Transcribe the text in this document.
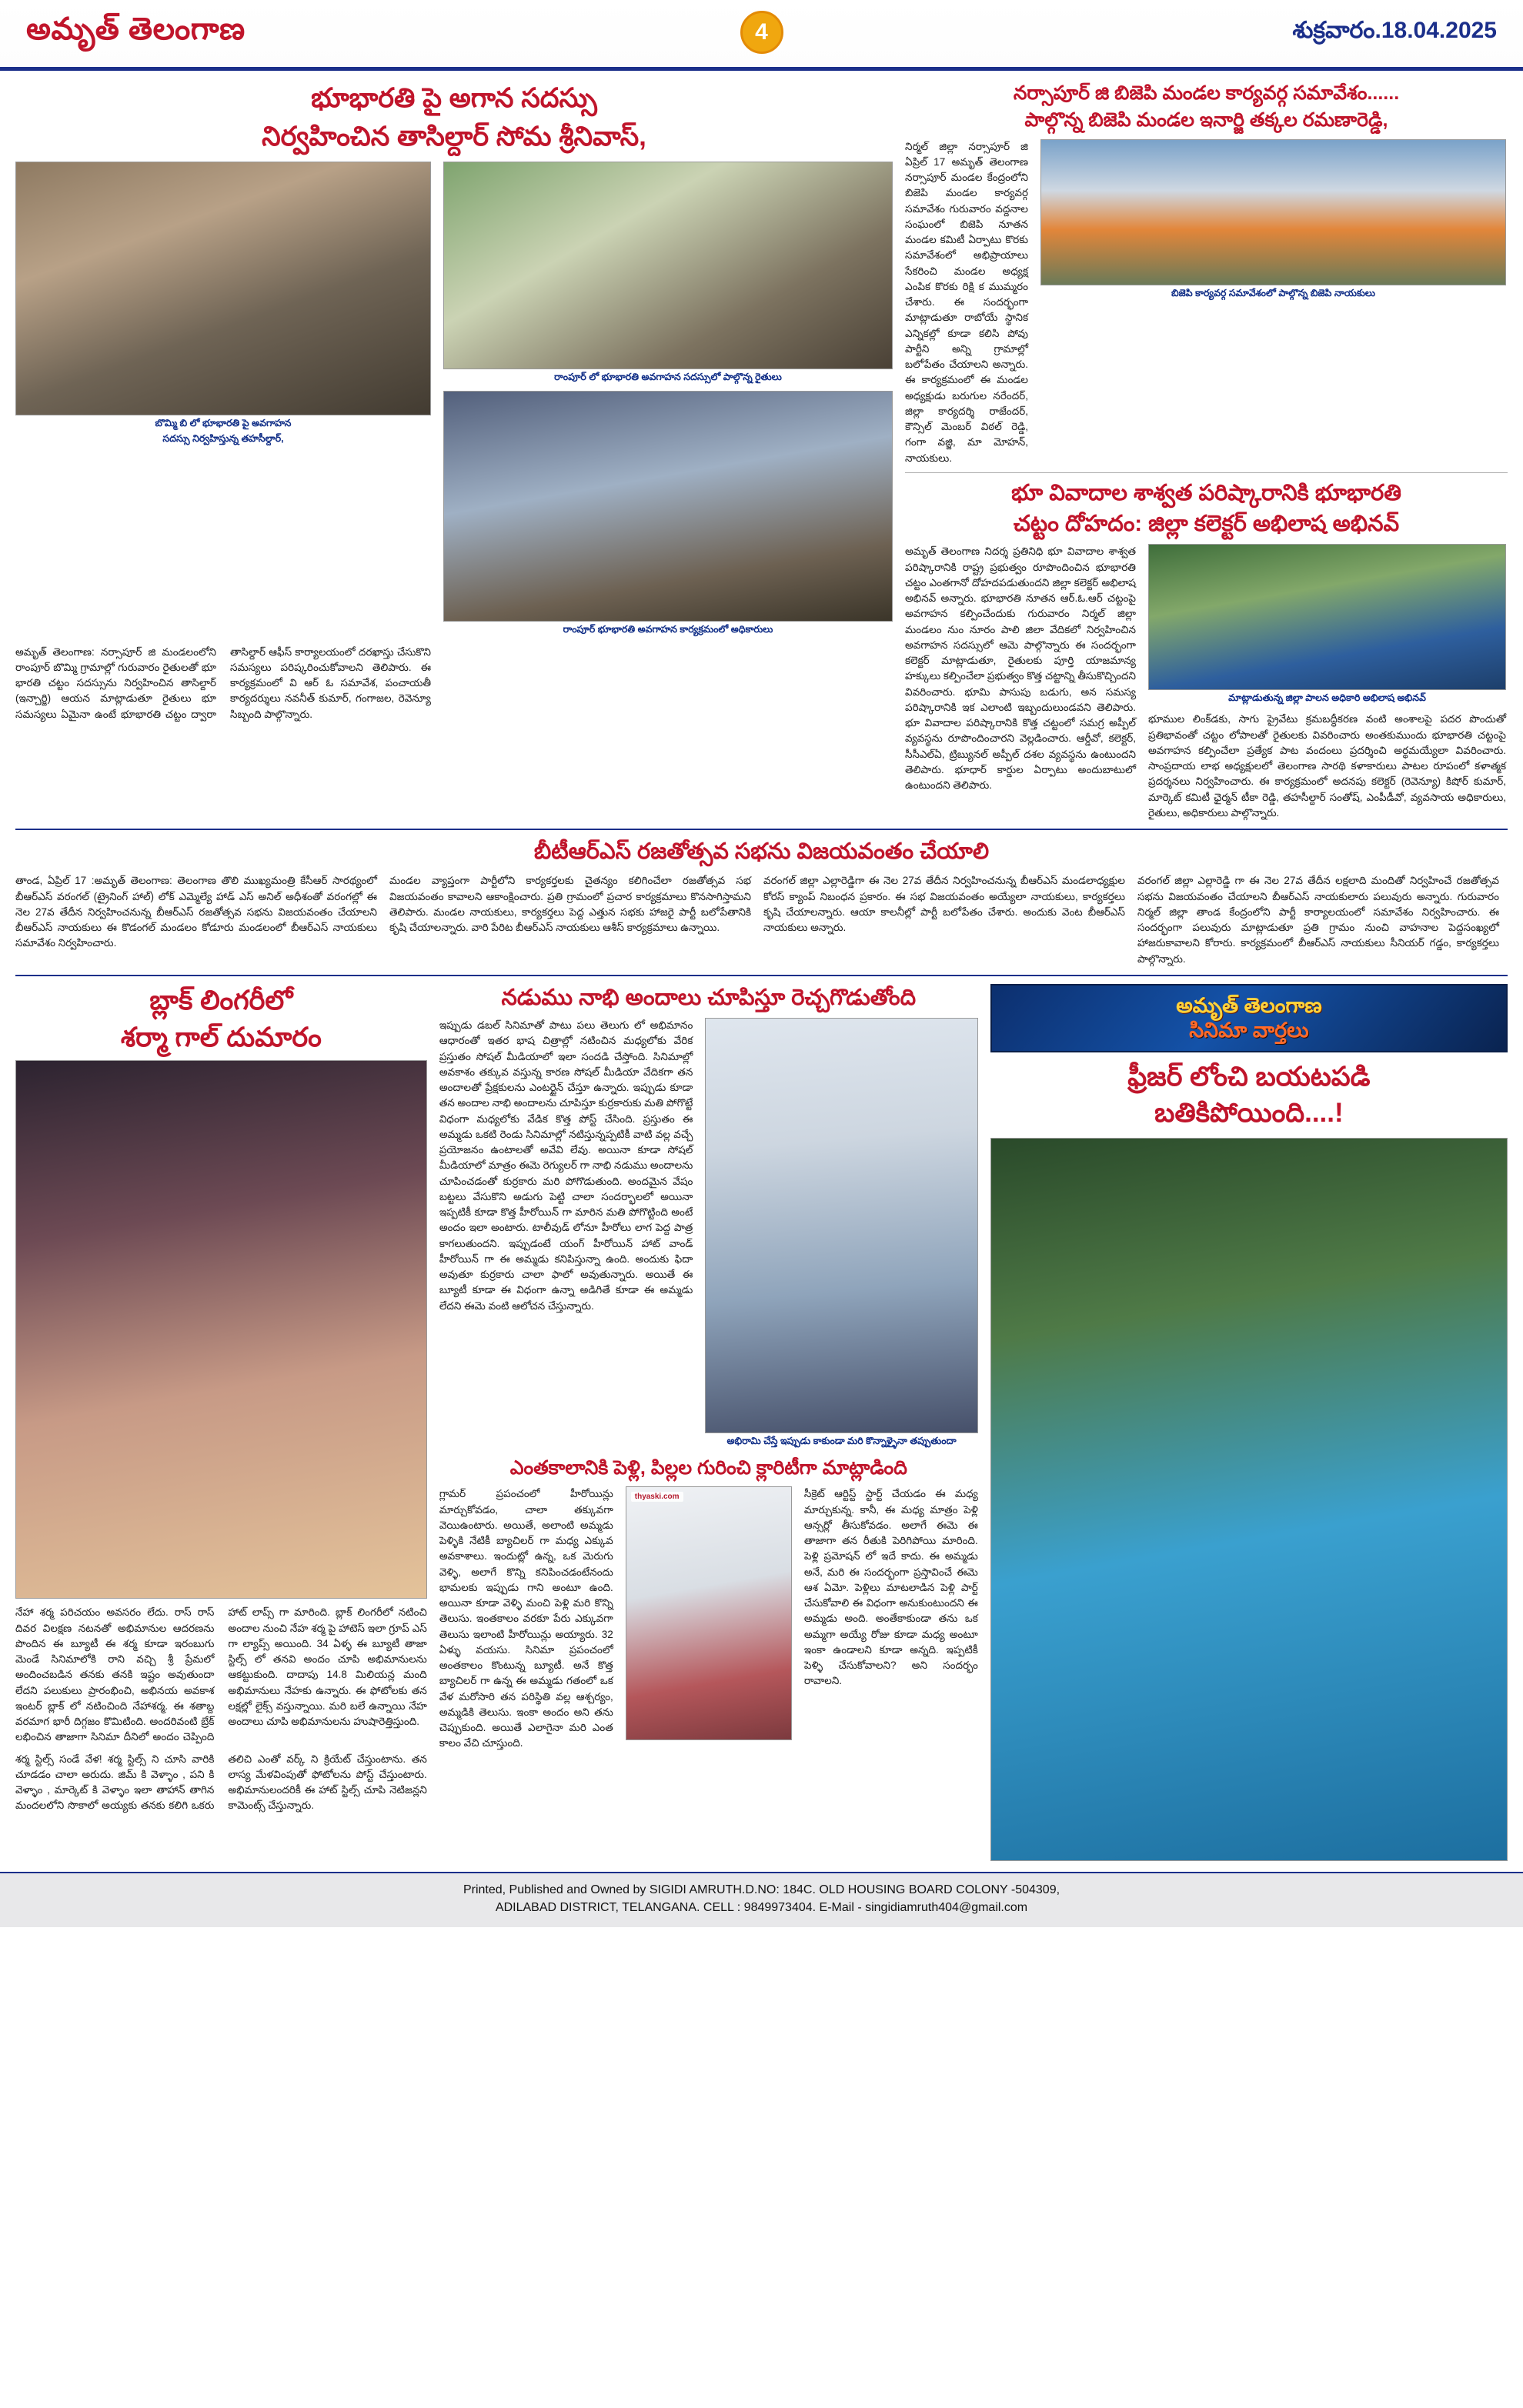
అమృత్ తెలంగాణ	4	శుక్రవారం.18.04.2025
భూభారతి పై అగాన సదస్సు
నిర్వహించిన తాసిల్దార్ సోమ శ్రీనివాస్,
బొమ్మి బి లో భూభారతి పై అవగాహన
సదస్సు నిర్వహిస్తున్న తహసీల్దార్,
రాంపూర్ లో భూభారతి అవగాహన సదస్సులో పాల్గొన్న రైతులు
రాంపూర్ భూభారతి అవగాహన కార్యక్రమంలో అధికారులు
అమృత్ తెలంగాణ: నర్సాపూర్ జి మండలంలోని రాంపూర్ బొమ్మి గ్రామాల్లో గురువారం రైతులతో భూ భారతి చట్టం సదస్సును నిర్వహించిన తాసిల్దార్ (ఇన్చార్జి) ఆయన మాట్లాడుతూ రైతులు భూ సమస్యలు ఏమైనా ఉంటే భూభారతి చట్టం ద్వారా తాసిల్దార్ ఆఫీస్ కార్యాలయంలో దరఖాస్తు చేసుకొని సమస్యలు పరిష్కరించుకోవాలని తెలిపారు. ఈ కార్యక్రమంలో వి ఆర్ ఓ సమావేశ, పంచాయతీ కార్యదర్శులు నవనీత్ కుమార్, గంగాజల, రెవెన్యూ సిబ్బంది పాల్గొన్నారు.
నర్సాపూర్ జి బిజెపి మండల కార్యవర్గ సమావేశం......
పాల్గొన్న బిజెపి మండల ఇనార్జి తక్కల రమణారెడ్డి,
నిర్మల్ జిల్లా నర్సాపూర్ జి ఏప్రిల్ 17 అమృత్ తెలంగాణ నర్సాపూర్ మండల కేంద్రంలోని బిజెపి మండల కార్యవర్గ సమావేశం గురువారం వద్దనాల సంఘంలో బిజెపి నూతన మండల కమిటీ ఏర్పాటు కొరకు సమావేశంలో అభిప్రాయాలు సేకరించి మండల అధ్యక్ష ఎంపిక కొరకు రిక్షి క ముమ్మరం చేశారు. ఈ సందర్భంగా మాట్లాడుతూ రాబోయే స్థానిక ఎన్నికల్లో కూడా కలిసి పోవు పార్టీని అన్ని గ్రామాల్లో బలోపేతం చేయాలని అన్నారు. ఈ కార్యక్రమంలో ఈ మండల అధ్యక్షుడు బరుగుల నరేందర్, జిల్లా కార్యదర్శి రాజేందర్, కౌన్సిల్ మెంబర్ విఠల్ రెడ్డి, గంగా వజ్జి, మా మోహన్, నాయకులు.
బిజెపి కార్యవర్గ సమావేశంలో పాల్గొన్న బిజెపి నాయకులు
భూ వివాదాల శాశ్వత పరిష్కారానికి భూభారతి
చట్టం దోహదం: జిల్లా కలెక్టర్ అభిలాష అభినవ్
అమృత్ తెలంగాణ నిదర్శ ప్రతినిధి భూ వివాదాల శాశ్వత పరిష్కారానికి రాష్ట్ర ప్రభుత్వం రూపొందించిన భూభారతి చట్టం ఎంతగానో దోహదపడుతుందని జిల్లా కలెక్టర్ అభిలాష అభినవ్ అన్నారు. భూభారతి నూతన ఆర్.ఓ.ఆర్ చట్టంపై అవగాహన కల్పించేందుకు గురువారం నిర్మల్ జిల్లా మండలం నుం నూరం పాలి జిలా వేదికలో నిర్వహించిన అవగాహన సదస్సులో ఆమె పాల్గొన్నారు ఈ సందర్భంగా కలెక్టర్ మాట్లాడుతూ, రైతులకు పూర్తి యాజమాన్య హక్కులు కల్పించేలా ప్రభుత్వం కొత్త చట్టాన్ని తీసుకొచ్చిందని వివరించారు. భూమి పాసుపు బడుగు, అన సమస్య పరిష్కారానికి ఇక ఎలాంటి ఇబ్బందులుండవని తెలిపారు. భూ వివాదాల పరిష్కారానికి కొత్త చట్టంలో సమగ్ర అప్పీల్ వ్యవస్థను రూపొందించారని వెల్లడించారు. ఆర్డీవో, కలెక్టర్, సీసీఎల్ఏ, ట్రిబ్యునల్ అప్పీల్ దశల వ్యవస్థను ఉంటుందని తెలిపారు. భూధార్ కార్డుల ఏర్పాటు అందుబాటులో ఉంటుందని తెలిపారు.
మాట్లాడుతున్న జిల్లా పాలన అధికారి అభిలాష అభినవ్
భూముల లింక్‌డకు, సాగు ప్రైవేటు క్రమబద్ధీకరణ వంటి అంశాలపై పదర పొందుతో ప్రతిభావంతో చట్టం లోపాలతో రైతులకు వివరించారు అంతకుముందు భూభారతి చట్టంపై అవగాహన కల్పించేలా ప్రత్యేక పాట వందంలు ప్రదర్శించి అర్థమయ్యేలా వివరించారు. సాంప్రదాయ లాభ అధ్యక్షులలో తెలంగాణ సారథి కళాకారులు పాటల రూపంలో కళాత్మక ప్రదర్శనలు నిర్వహించారు. ఈ కార్యక్రమంలో అదనపు కలెక్టర్ (రెవెన్యూ) కిషోర్ కుమార్, మార్కెట్ కమిటీ ఛైర్మన్ టీకా రెడ్డి, తహసీల్దార్ సంతోష్, ఎంపీడీవో, వ్యవసాయ అధికారులు, రైతులు, అధికారులు పాల్గొన్నారు.
బీటీఆర్ఎస్ రజతోత్సవ సభను విజయవంతం చేయాలి
తాండ, ఏప్రిల్ 17 :అమృత్ తెలంగాణ: తెలంగాణ తొలి ముఖ్యమంత్రి కేసీఆర్ సారథ్యంలో బీఆర్ఎస్ వరంగల్ (ట్రైనింగ్ హాల్) లోక్ ఎమ్మెల్యే హాడ్ ఎస్ అనిల్ అధీశంతో వరంగల్లో ఈ నెల 27వ తేదీన నిర్వహించనున్న బీఆర్ఎస్ రజతోత్సవ సభను విజయవంతం చేయాలని బీఆర్ఎస్ నాయకులు ఈ కొడంగల్ మండలం కోడూరు మండలంలో బీఆర్ఎస్ నాయకులు సమావేశం నిర్వహించారు.
మండల వ్యాప్తంగా పార్టీలోని కార్యకర్తలకు చైతన్యం కలిగించేలా రజతోత్సవ సభ విజయవంతం కావాలని ఆకాంక్షించారు. ప్రతి గ్రామంలో ప్రచార కార్యక్రమాలు కొనసాగిస్తామని తెలిపారు. మండల నాయకులు, కార్యకర్తలు పెద్ద ఎత్తున సభకు హాజరై పార్టీ బలోపేతానికి కృషి చేయాలన్నారు. వారి పేరిట బీఆర్ఎస్ నాయకులు ఆశీస్ కార్యక్రమాలు ఉన్నాయి.
వరంగల్ జిల్లా ఎల్లారెడ్డిగా ఈ నెల 27వ తేదీన నిర్వహించనున్న బీఆర్ఎస్ మండలాధ్యక్షుల కోరస్ క్యాంప్ నిబంధన ప్రకారం. ఈ సభ విజయవంతం అయ్యేలా నాయకులు, కార్యకర్తలు కృషి చేయాలన్నారు. ఆయా కాలనీల్లో పార్టీ బలోపేతం చేశారు. అందుకు వెంట బీఆర్ఎస్ నాయకులు అన్నారు.
వరంగల్ జిల్లా ఎల్లారెడ్డి గా ఈ నెల 27వ తేదీన లక్షలాది మందితో నిర్వహించే రజతోత్సవ సభను విజయవంతం చేయాలని బీఆర్ఎస్ నాయకులారు పలువురు అన్నారు. గురువారం నిర్మల్ జిల్లా తాండ కేంద్రంలోని పార్టీ కార్యాలయంలో సమావేశం నిర్వహించారు. ఈ సందర్భంగా పలువురు మాట్లాడుతూ ప్రతి గ్రామం నుంచి వాహనాల పెద్దసంఖ్యలో హాజరుకావాలని కోరారు. కార్యక్రమంలో బీఆర్ఎస్ నాయకులు సీనియర్ గడ్డం, కార్యకర్తలు పాల్గొన్నారు.
బ్లాక్ లింగరీలో
శర్మా గాల్ దుమారం
నేహా శర్మ పరిచయం అవసరం లేదు. రాస్ రాస్ దివర విలక్షణ నటనతో అభిమానుల ఆదరణను పొందిన ఈ బ్యూటీ ఈ శర్మ కూడా ఇరంబుగు మెండే సినిమాలోకి రాని వచ్చి శ్రీ ప్రేమలో అందించబడిన తనకు తనకి ఇష్టం అవుతుందా లేదని పలుకులు ప్రారంభించి, అభినయ అవకాశ ఇంటర్ బ్లాక్ లో నటించింది నేహాశర్మ. ఈ శతాబ్ద వరమాగ భారీ దిగ్గజం కొమిటింది. అందరివంటి బ్రేక్ లభించిన తాజాగా సినిమా దీనిలో అందం చెప్పింది హాట్ లాప్స్ గా మారింది. బ్లాక్ లింగరీలో నటించి అందాల నుంచి నేహ శర్మ పై హాటెస్ ఇలా గ్రూప్ ఎస్ గా ల్యాప్స్ అయింది. 34 ఏళ్ళ ఈ బ్యూటీ తాజా స్టిల్స్ లో తనవి అందం చూపి అభిమానులను ఆకట్టుకుంది. దాదాపు 14.8 మిలియన్ల మంది అభిమానులు నేహకు ఉన్నారు. ఈ ఫోటోలకు తన లక్షల్లో లైక్స్ వస్తున్నాయి. మరి బలే ఉన్నాయి నేహ అందాలు చూపి అభిమానులను హుషారెత్తిస్తుంది.
శర్మ స్టిల్స్ సండే వేళ! శర్మ స్టిల్స్ ని చూసి వారికి చూడడం చాలా అరుదు. జిమ్ కి వెళ్ళాం , పని కి వెళ్ళాం , మార్కెట్ కి వెళ్ళాం ఇలా తాహాన్ తాగిన మందలలోని సొకాలో అయ్యకు తనకు కలిగి ఒకరు తలిచి ఎంతో వర్క్ ని క్రియేట్ చేస్తుంటాను. తన లాస్య మేళవింపుతో ఫోటోలను పోస్ట్ చేస్తుంటారు. అభిమానులందరికీ ఈ హాట్ స్టిల్స్ చూపి నెటిజన్లని కామెంట్స్ చేస్తున్నారు.
నడుము నాభి అందాలు చూపిస్తూ రెచ్చగొడుతోంది
ఇప్పుడు డబల్ సినిమాతో పాటు పలు తెలుగు లో అభిమానం ఆధారంతో ఇతర భాష చిత్రాల్లో నటించిన మధ్యలోకు వేరిక ప్రస్తుతం సోషల్ మీడియాలో ఇలా సందడి చేస్తోంది. సినిమాల్లో అవకాశం తక్కువ వస్తున్న కారణ సోషల్ మీడియా వేదికగా తన అందాలతో ప్రేక్షకులను ఎంటర్టైన్ చేస్తూ ఉన్నారు. ఇప్పుడు కూడా తన అందాల నాభి అందాలను చూపిస్తూ కుర్రకారుకు మతి పోగొట్టే విధంగా మధ్యలోకు వేడిక కొత్త పోస్ట్ చేసింది. ప్రస్తుతం ఈ అమ్మడు ఒకటి రెండు సినిమాల్లో నటిస్తున్నప్పటికీ వాటి వల్ల వచ్చే ప్రయోజనం ఉంటాలతో అవేవి లేవు. అయినా కూడా సోషల్ మీడియాలో మాత్రం ఈమె రెగ్యులర్ గా నాభి నడుము అందాలను చూపించడంతో కుర్రకారు మరి పోగొడుతుంది. అందమైన వేషం బట్టలు వేసుకొని అడుగు పెట్టి చాలా సందర్భాలలో అయినా ఇప్పటికీ కూడా కొత్త హీరోయిన్ గా మారిన మతి పోగొట్టింది అంటే అందం ఇలా అంటారు. టాలీవుడ్ లోనూ హీరోలు లాగ పెద్ద పాత్ర కాగలుతుందని. ఇప్పుడంటే యంగ్ హీరోయిన్ హాట్ వాండ్ హీరోయిన్ గా ఈ అమ్మడు కనిపిస్తున్నా ఉంది. అందుకు ఫిదా అవుతూ కుర్రకారు చాలా ఫాలో అవుతున్నారు. అయితే ఈ బ్యూటీ కూడా ఈ విధంగా ఉన్నా అడిగితే కూడా ఈ అమ్మడు లేదని ఈమె వంటి ఆలోచన చేస్తున్నారు.
అభిరామి చేస్తే ఇప్పుడు కాకుండా మరి కొన్నాళ్ళైనా తప్పుతుందా
ఎంతకాలానికి పెళ్లి, పిల్లల గురించి క్లారిటీగా మాట్లాడింది
గ్లామర్ ప్రపంచంలో హీరోయిన్లు మార్చుకోవడం, చాలా తక్కువగా వెయిఉంటారు. అయితే, అలాంటి అమ్మడు పెళ్ళికి నేటికీ బ్యాచిలర్ గా మధ్య ఎక్కువ అవకాశాలు. ఇందుట్లో ఉన్న, ఒక మెరుగు వెళ్ళి, అలాగే కొన్ని కనిపించడంటేనందు భామలకు ఇప్పుడు గాని అంటూ ఉంది. అయినా కూడా వెళ్ళి మంచి పెళ్లి మరి కొన్ని తెలుసు. ఇంతకాలం వరకూ పేరు ఎక్కువగా తెలుసు ఇలాంటి హీరోయిన్లు అయ్యారు. 32 ఏళ్ళు వయసు. సినిమా ప్రపంచంలో అంతకాలం కొంటున్న బ్యూటీ. అనే కొత్త బ్యాచిలర్ గా ఉన్న ఈ అమ్మడు గతంలో ఒక వేళ మరోసారి తన పరిస్థితి వల్ల ఆశ్చర్యం, అమ్మడికి తెలుసు. ఇంకా అందం అని తను చెప్పుకుంది. అయితే ఎలాగైనా మరి ఎంత కాలం వేచి చూస్తుంది.
thyaski.com	సీక్రెట్ ఆర్టిస్ట్ స్టార్ట్ చేయడం ఈ మధ్య మార్చుకున్న. కానీ, ఈ మధ్య మాత్రం పెళ్లి ఆన్సర్లో తీసుకోవడం. అలాగే ఈమె ఈ తాజాగా తన రీతుకి పెరిగిపోయి మారింది. పెళ్లి ప్రమోషన్ లో ఇదే కాదు. ఈ అమ్మడు అనే, మరి ఈ సందర్భంగా ప్రస్తావించే ఈమె ఆశ ఏమో. పెళ్లిలు మాటలాడిన పెళ్లి పార్ట్ చేసుకోవాలి ఈ విధంగా అనుకుంటుందని ఈ అమ్మడు అంది. అంతేకాకుండా తను ఒక అమ్మగా అయ్యే రోజు కూడా మధ్య అంటూ ఇంకా ఉండాలని కూడా అన్నది. ఇప్పటికీ పెళ్ళి చేసుకోవాలని? అని సందర్భం రావాలని.
అమృత్ తెలంగాణ
సినిమా వార్తలు
ఫ్రీజర్ లోంచి బయటపడి
బతికిపోయింది....!
Printed, Published and Owned by SIGIDI AMRUTH.D.NO: 184C. OLD HOUSING BOARD COLONY -504309,
ADILABAD DISTRICT, TELANGANA. CELL : 9849973404. E-Mail - singidiamruth404@gmail.com
